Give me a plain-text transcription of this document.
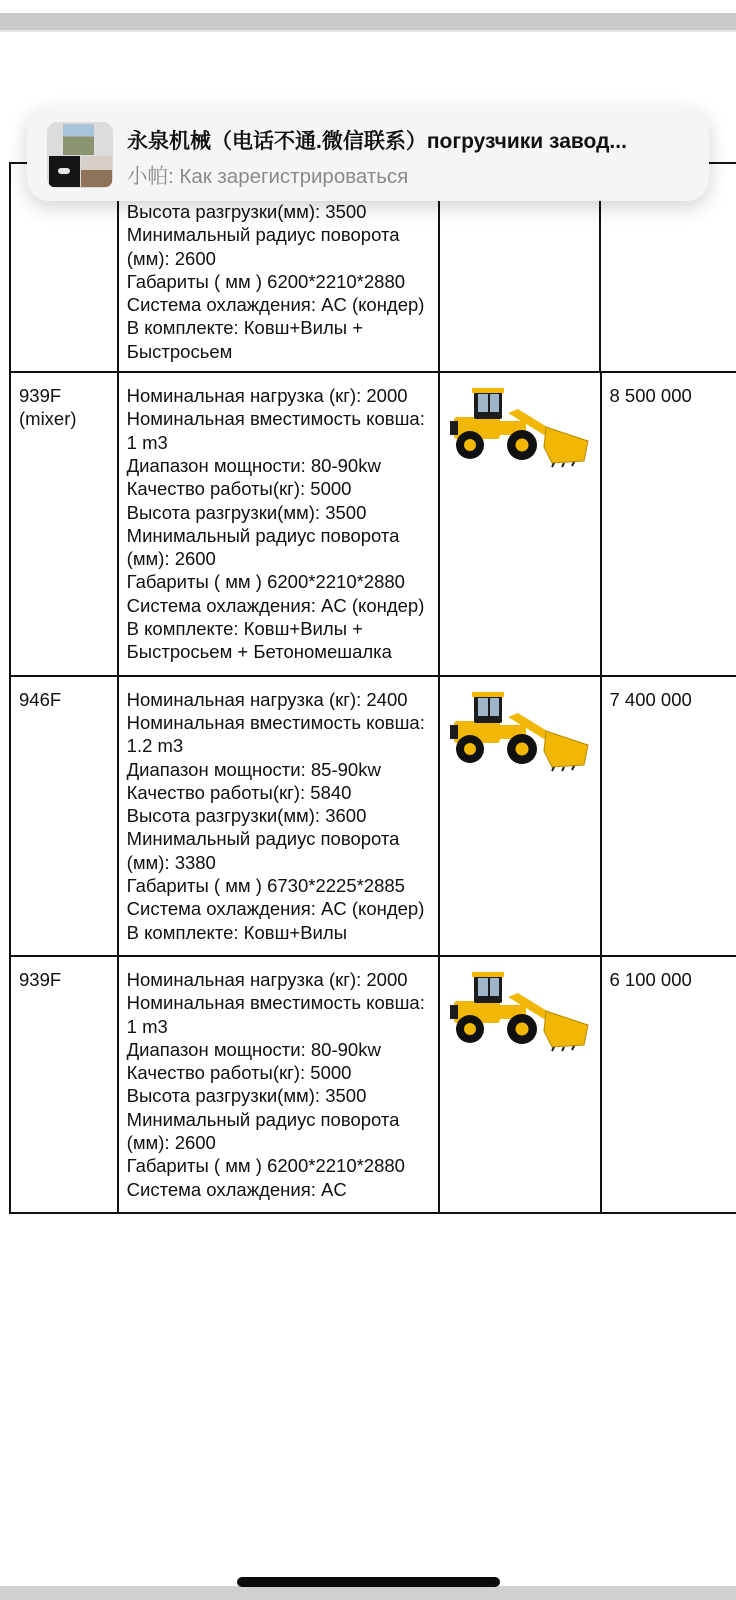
Высота разгрузки(мм): 3500
Минимальный радиус поворота (мм): 2600
Габариты ( мм ) 6200*2210*2880
Система охлаждения: AC (кондер)
В комплекте: Ковш+Вилы + Быстросьем
939F (mixer)
Номинальная нагрузка (кг): 2000
Номинальная вместимость ковша: 1 m3
Диапазон мощности: 80-90kw
Качество работы(кг): 5000
Высота разгрузки(мм): 3500
Минимальный радиус поворота (мм): 2600
Габариты ( мм ) 6200*2210*2880
Система охлаждения: AC (кондер)
В комплекте: Ковш+Вилы + Быстросьем + Бетономешалка
8 500 000
946F	Номинальная нагрузка (кг): 2400
Номинальная вместимость ковша: 1.2 m3
Диапазон мощности: 85-90kw
Качество работы(кг): 5840
Высота разгрузки(мм): 3600
Минимальный радиус поворота (мм): 3380
Габариты ( мм ) 6730*2225*2885
Система охлаждения: AC (кондер)
В комплекте: Ковш+Вилы
7 400 000
939F	Номинальная нагрузка (кг): 2000
Номинальная вместимость ковша: 1 m3
Диапазон мощности: 80-90kw
Качество работы(кг): 5000
Высота разгрузки(мм): 3500
Минимальный радиус поворота (мм): 2600
Габариты ( мм ) 6200*2210*2880
Система охлаждения: AC
6 100 000
永泉机械（电话不通.微信联系）погрузчики завод...
小帕: Как зарегистрироваться
